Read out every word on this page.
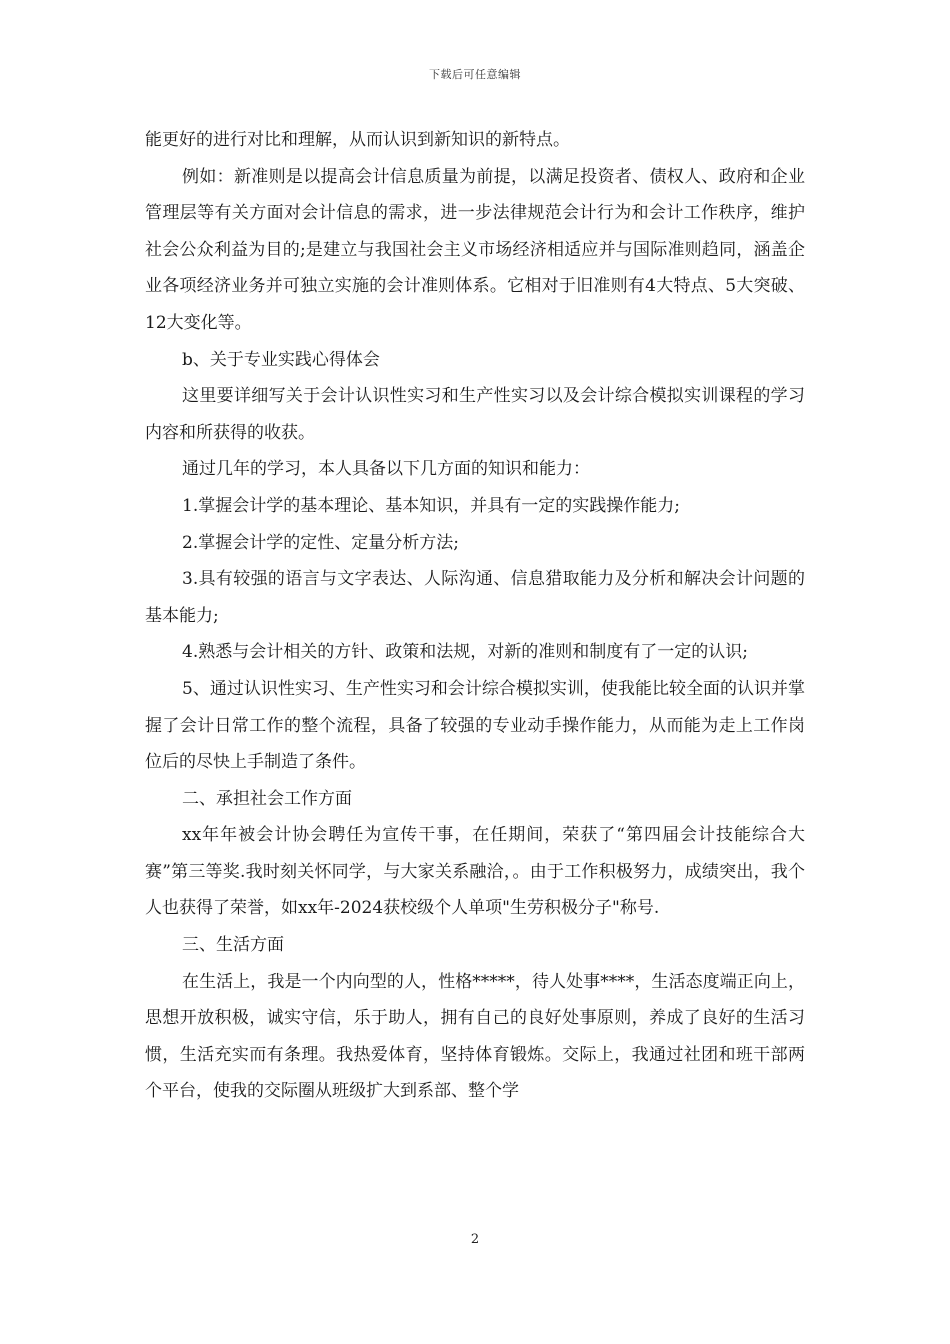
下载后可任意编辑

能更好的进行对比和理解，从而认识到新知识的新特点。

例如：新准则是以提高会计信息质量为前提，以满足投资者、债权人、政府和企业管理层等有关方面对会计信息的需求，进一步法律规范会计行为和会计工作秩序，维护社会公众利益为目的;是建立与我国社会主义市场经济相适应并与国际准则趋同，涵盖企业各项经济业务并可独立实施的会计准则体系。它相对于旧准则有4大特点、5大突破、12大变化等。

b、关于专业实践心得体会

这里要详细写关于会计认识性实习和生产性实习以及会计综合模拟实训课程的学习内容和所获得的收获。

通过几年的学习，本人具备以下几方面的知识和能力：

1.掌握会计学的基本理论、基本知识，并具有一定的实践操作能力;

2.掌握会计学的定性、定量分析方法;

3.具有较强的语言与文字表达、人际沟通、信息猎取能力及分析和解决会计问题的基本能力;

4.熟悉与会计相关的方针、政策和法规，对新的准则和制度有了一定的认识;

5、通过认识性实习、生产性实习和会计综合模拟实训，使我能比较全面的认识并掌握了会计日常工作的整个流程，具备了较强的专业动手操作能力，从而能为走上工作岗位后的尽快上手制造了条件。

二、承担社会工作方面

xx年年被会计协会聘任为宣传干事，在任期间，荣获了“第四届会计技能综合大赛”第三等奖.我时刻关怀同学，与大家关系融洽，。由于工作积极努力，成绩突出，我个人也获得了荣誉，如xx年-2024获校级个人单项"生劳积极分子"称号.

三、生活方面

在生活上，我是一个内向型的人，性格*****，待人处事****，生活态度端正向上，思想开放积极，诚实守信，乐于助人，拥有自己的良好处事原则，养成了良好的生活习惯，生活充实而有条理。我热爱体育，坚持体育锻炼。交际上，我通过社团和班干部两个平台，使我的交际圈从班级扩大到系部、整个学

2
